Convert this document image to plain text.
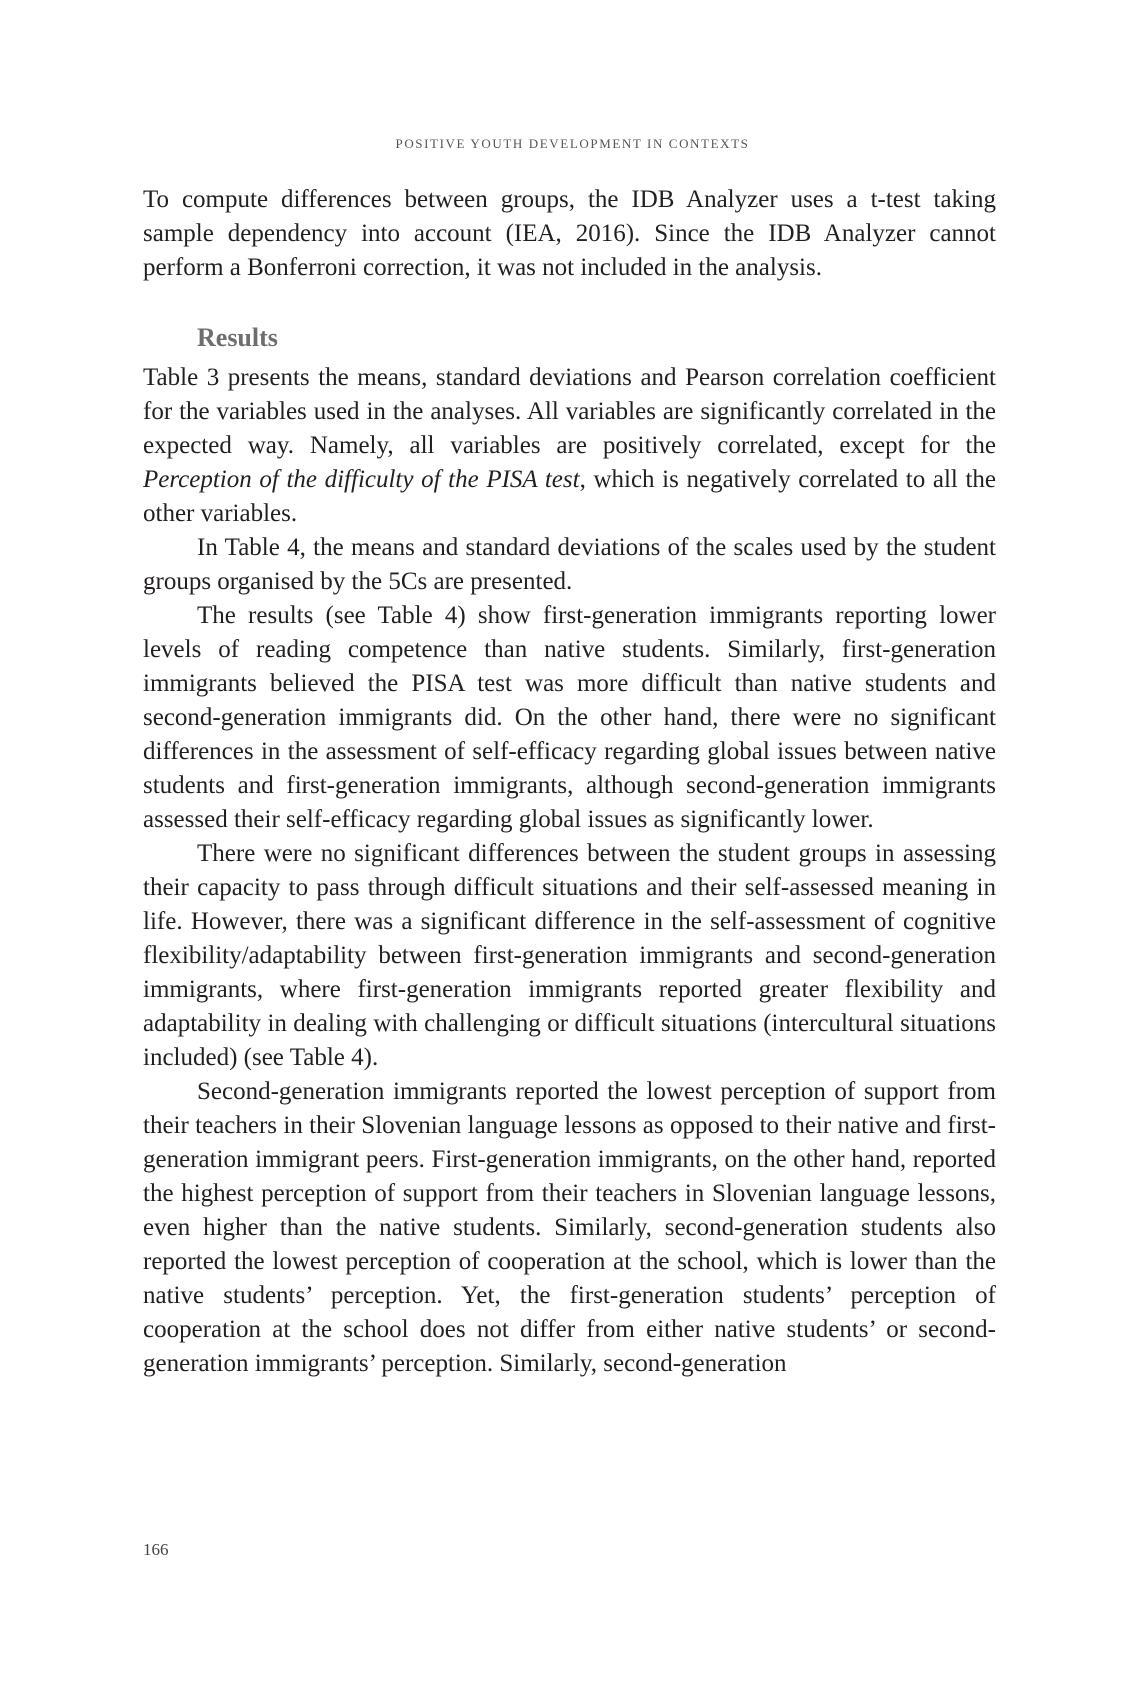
POSITIVE YOUTH DEVELOPMENT IN CONTEXTS

To compute differences between groups, the IDB Analyzer uses a t-test taking sample dependency into account (IEA, 2016). Since the IDB Analyzer cannot perform a Bonferroni correction, it was not included in the analysis.

Results

Table 3 presents the means, standard deviations and Pearson correlation coefficient for the variables used in the analyses. All variables are significantly correlated in the expected way. Namely, all variables are positively correlated, except for the Perception of the difficulty of the PISA test, which is negatively correlated to all the other variables.

In Table 4, the means and standard deviations of the scales used by the student groups organised by the 5Cs are presented.

The results (see Table 4) show first-generation immigrants reporting lower levels of reading competence than native students. Similarly, first-generation immigrants believed the PISA test was more difficult than native students and second-generation immigrants did. On the other hand, there were no significant differences in the assessment of self-efficacy regarding global issues between native students and first-generation immigrants, although second-generation immigrants assessed their self-efficacy regarding global issues as significantly lower.

There were no significant differences between the student groups in assessing their capacity to pass through difficult situations and their self-assessed meaning in life. However, there was a significant difference in the self-assessment of cognitive flexibility/adaptability between first-generation immigrants and second-generation immigrants, where first-generation immigrants reported greater flexibility and adaptability in dealing with challenging or difficult situations (intercultural situations included) (see Table 4).

Second-generation immigrants reported the lowest perception of support from their teachers in their Slovenian language lessons as opposed to their native and first-generation immigrant peers. First-generation immigrants, on the other hand, reported the highest perception of support from their teachers in Slovenian language lessons, even higher than the native students. Similarly, second-generation students also reported the lowest perception of cooperation at the school, which is lower than the native students’ perception. Yet, the first-generation students’ perception of cooperation at the school does not differ from either native students’ or second-generation immigrants’ perception. Similarly, second-generation

166
